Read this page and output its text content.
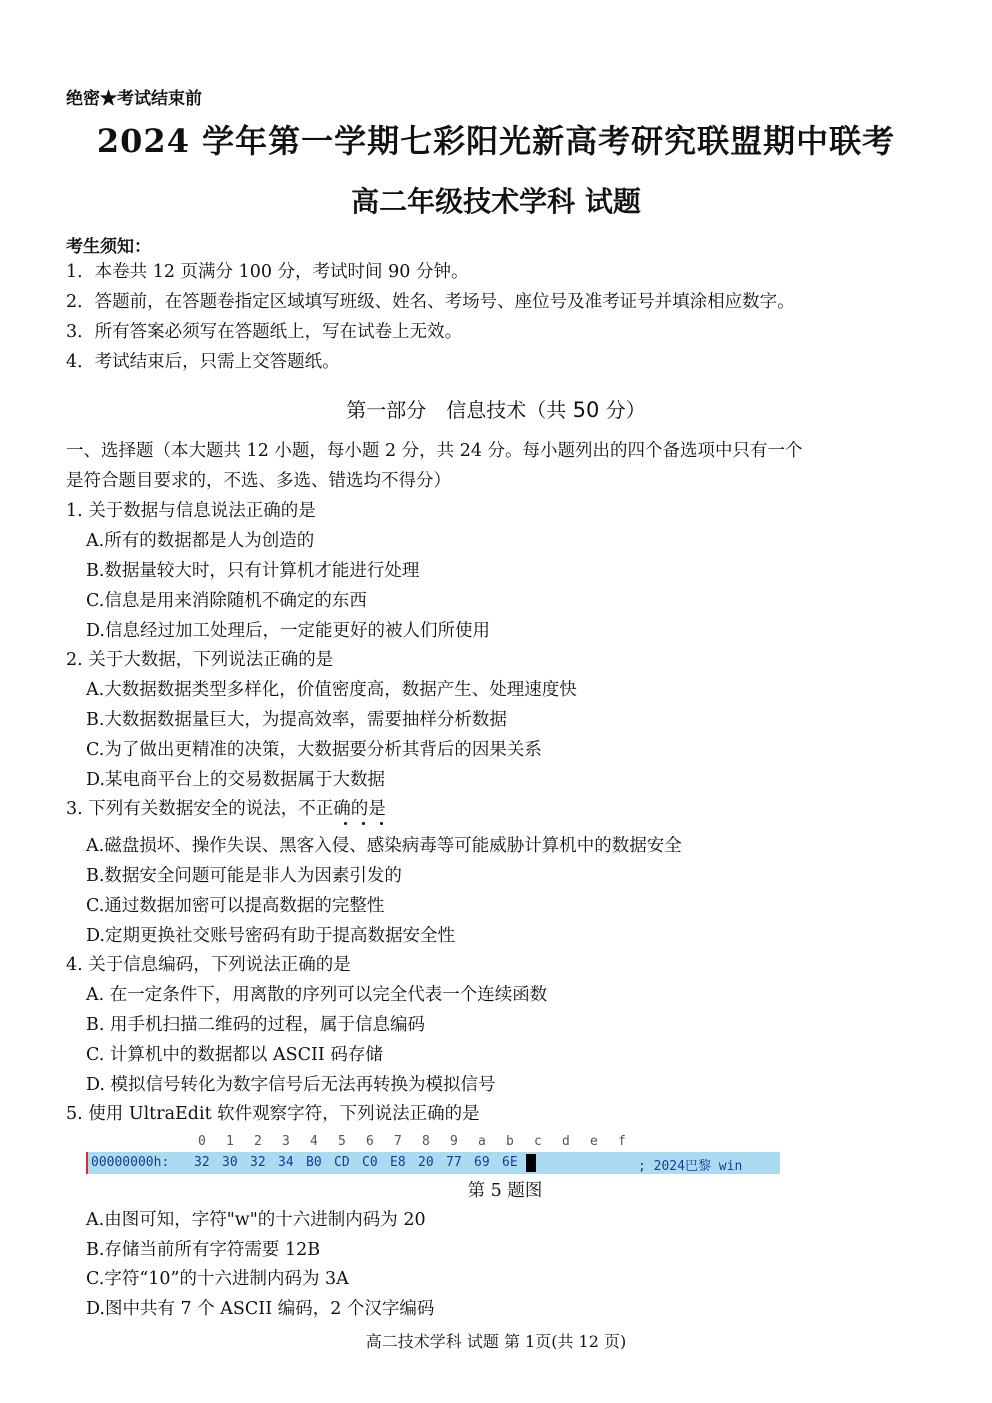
绝密★考试结束前
2024 学年第一学期七彩阳光新高考研究联盟期中联考
高二年级技术学科 试题
考生须知：
1．本卷共 12 页满分 100 分，考试时间 90 分钟。
2．答题前，在答题卷指定区域填写班级、姓名、考场号、座位号及准考证号并填涂相应数字。
3．所有答案必须写在答题纸上，写在试卷上无效。
4．考试结束后，只需上交答题纸。
第一部分　信息技术（共 50 分）
一、选择题（本大题共 12 小题，每小题 2 分，共 24 分。每小题列出的四个备选项中只有一个
是符合题目要求的，不选、多选、错选均不得分）
1. 关于数据与信息说法正确的是
A.所有的数据都是人为创造的
B.数据量较大时，只有计算机才能进行处理
C.信息是用来消除随机不确定的东西
D.信息经过加工处理后，一定能更好的被人们所使用
2. 关于大数据，下列说法正确的是
A.大数据数据类型多样化，价值密度高，数据产生、处理速度快
B.大数据数据量巨大，为提高效率，需要抽样分析数据
C.为了做出更精准的决策，大数据要分析其背后的因果关系
D.某电商平台上的交易数据属于大数据
3. 下列有关数据安全的说法，不正确的是
A.磁盘损坏、操作失误、黑客入侵、感染病毒等可能威胁计算机中的数据安全
B.数据安全问题可能是非人为因素引发的
C.通过数据加密可以提高数据的完整性
D.定期更换社交账号密码有助于提高数据安全性
4. 关于信息编码，下列说法正确的是
A. 在一定条件下，用离散的序列可以完全代表一个连续函数
B. 用手机扫描二维码的过程，属于信息编码
C. 计算机中的数据都以 ASCII 码存储
D. 模拟信号转化为数字信号后无法再转换为模拟信号
5. 使用 UltraEdit 软件观察字符，下列说法正确的是
0 1 2 3 4 5 6 7 8 9 a b c d e f
00000000h: 32 30 32 34 B0 CD C0 E8 20 77 69 6E	; 2024巴黎 win
第 5 题图
A.由图可知，字符"w"的十六进制内码为 20
B.存储当前所有字符需要 12B
C.字符“10”的十六进制内码为 3A
D.图中共有 7 个 ASCII 编码，2 个汉字编码
高二技术学科 试题 第 1页(共 12 页)
